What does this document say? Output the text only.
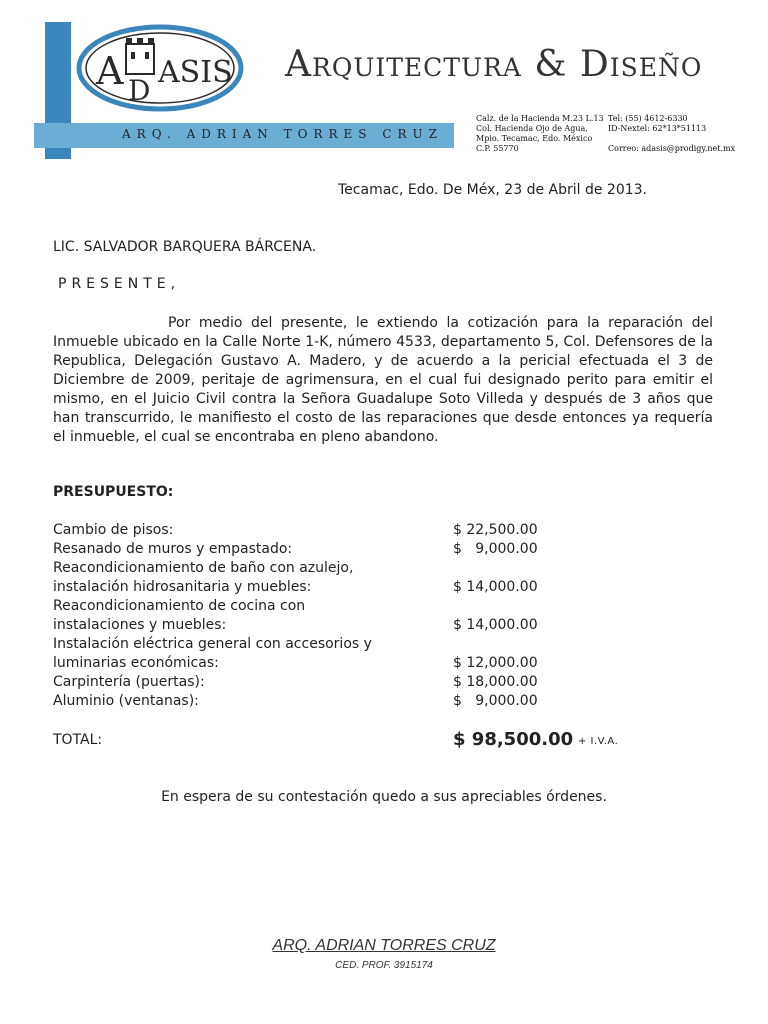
ARQ. ADRIAN TORRES CRUZ
A D
ASIS Arquitectura & Diseño
Calz. de la Hacienda M.23 L.13
Col. Hacienda Ojo de Agua,
Mpio. Tecamac, Edo. México
C.P. 55770
Tel: (55) 4612-6330
ID-Nextel: 62*13*51113

Correo: adasis@prodigy.net.mx
Tecamac, Edo. De Méx, 23 de Abril de 2013.
LIC. SALVADOR BARQUERA BÁRCENA.
PRESENTE,
Por medio del presente, le extiendo la cotización para la reparación del Inmueble ubicado en la Calle Norte 1-K, número 4533, departamento 5, Col. Defensores de la Republica, Delegación Gustavo A. Madero, y de acuerdo a la pericial efectuada el 3 de Diciembre de 2009, peritaje de agrimensura, en el cual fui designado perito para emitir el mismo, en el Juicio Civil contra la Señora Guadalupe Soto Villeda y después de 3 años que han transcurrido, le manifiesto el costo de las reparaciones que desde entonces ya requería el inmueble, el cual se encontraba en pleno abandono.
PRESUPUESTO:
Cambio de pisos:	$ 22,500.00
Resanado de muros y empastado:	$   9,000.00
Reacondicionamiento de baño con azulejo, instalación hidrosanitaria y muebles:	$ 14,000.00
Reacondicionamiento de cocina con instalaciones y muebles:	$ 14,000.00
Instalación eléctrica general con accesorios y luminarias económicas:	$ 12,000.00
Carpintería (puertas):	$ 18,000.00
Aluminio (ventanas):	$   9,000.00
TOTAL:	$ 98,500.00 + I.V.A.
En espera de su contestación quedo a sus apreciables órdenes.
ARQ. ADRIAN TORRES CRUZ
CED. PROF. 3915174
